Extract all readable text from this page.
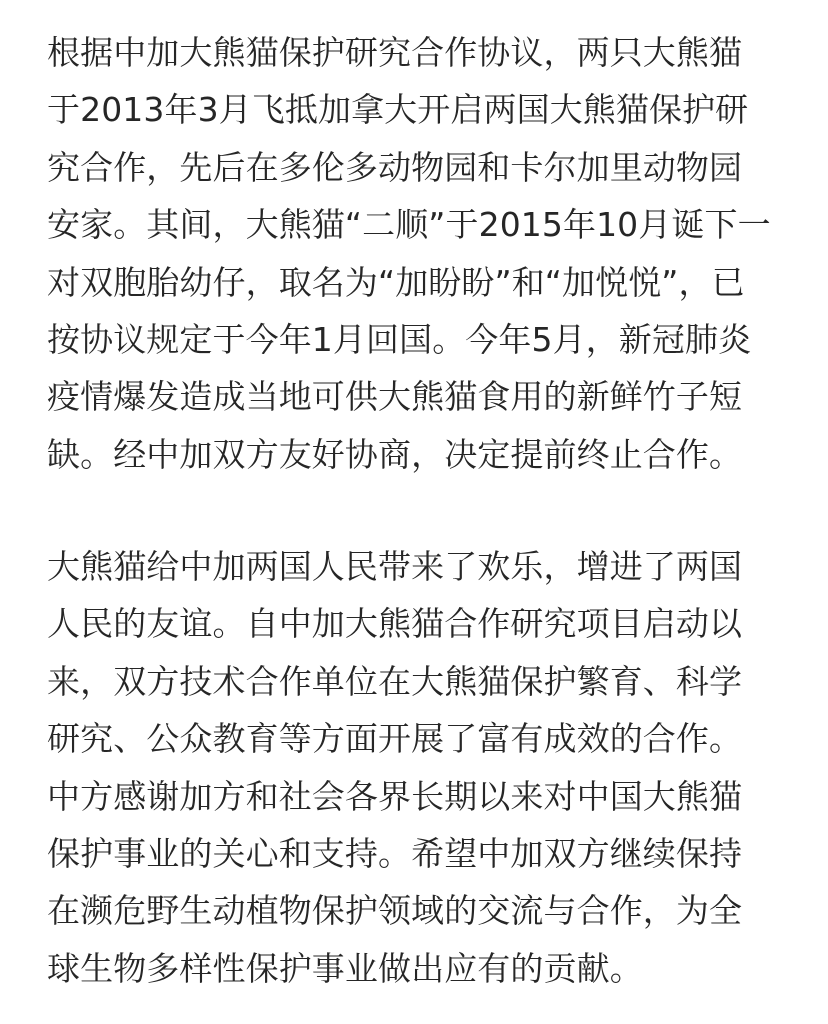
根据中加大熊猫保护研究合作协议，两只大熊猫
于2013年3月飞抵加拿大开启两国大熊猫保护研
究合作，先后在多伦多动物园和卡尔加里动物园
安家。其间，大熊猫“二顺”于2015年10月诞下一
对双胞胎幼仔，取名为“加盼盼”和“加悦悦”，已
按协议规定于今年1月回国。今年5月，新冠肺炎
疫情爆发造成当地可供大熊猫食用的新鲜竹子短
缺。经中加双方友好协商，决定提前终止合作。

大熊猫给中加两国人民带来了欢乐，增进了两国
人民的友谊。自中加大熊猫合作研究项目启动以
来，双方技术合作单位在大熊猫保护繁育、科学
研究、公众教育等方面开展了富有成效的合作。
中方感谢加方和社会各界长期以来对中国大熊猫
保护事业的关心和支持。希望中加双方继续保持
在濒危野生动植物保护领域的交流与合作，为全
球生物多样性保护事业做出应有的贡献。
